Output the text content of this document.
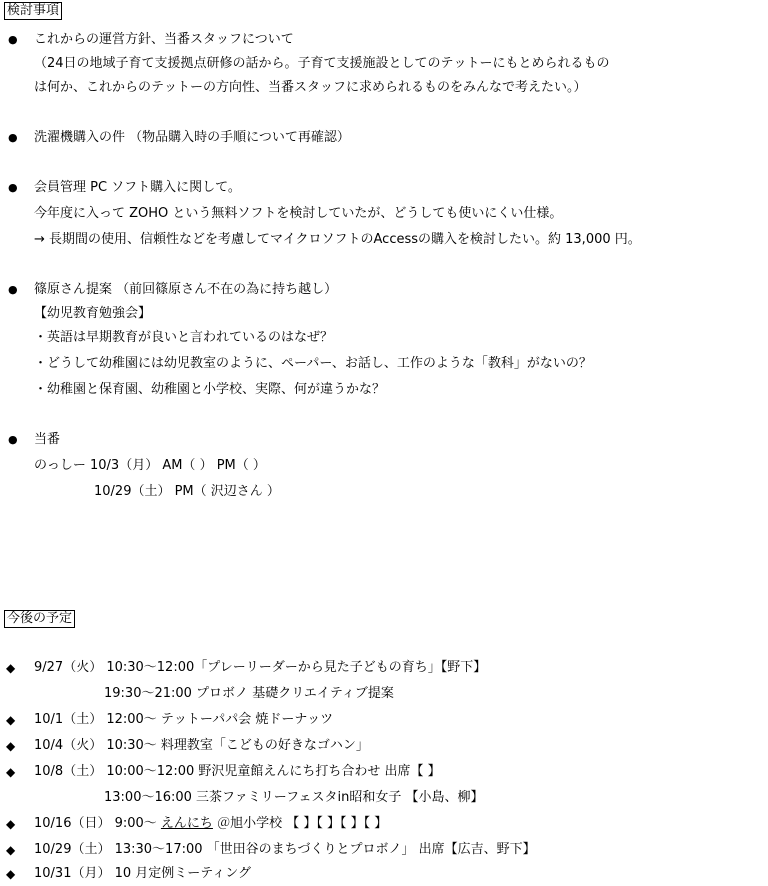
検討事項
● これからの運営方針、当番スタッフについて
（24日の地域子育て支援拠点研修の話から。子育て支援施設としてのテットーにもとめられるもの
は何か、これからのテットーの方向性、当番スタッフに求められるものをみんなで考えたい。）
● 洗濯機購入の件 （物品購入時の手順について再確認）
● 会員管理 PC ソフト購入に関して。
今年度に入って ZOHO という無料ソフトを検討していたが、どうしても使いにくい仕様。
→ 長期間の使用、信頼性などを考慮してマイクロソフトのAccessの購入を検討したい。約 13,000 円。
● 篠原さん提案 （前回篠原さん不在の為に持ち越し）
【幼児教育勉強会】
・英語は早期教育が良いと言われているのはなぜ？
・どうして幼稚園には幼児教室のように、ペーパー、お話し、工作のような「教科」がないの？
・幼稚園と保育園、幼稚園と小学校、実際、何が違うかな？
● 当番
のっしー 10/3（月） AM（ ） PM（ ）
10/29（土） PM（ 沢辺さん ）
今後の予定
◆ 9/27（火） 10:30～12:00「プレーリーダーから見た子どもの育ち」【野下】
19:30～21:00 プロボノ 基礎クリエイティブ提案
◆ 10/1（土） 12:00～ テットーパパ会 焼ドーナッツ
◆ 10/4（火） 10:30～ 料理教室「こどもの好きなゴハン」
◆ 10/8（土） 10:00～12:00 野沢児童館えんにち打ち合わせ 出席【 】
13:00～16:00 三茶ファミリーフェスタin昭和女子 【小島、柳】
◆ 10/16（日） 9:00～ えんにち ＠旭小学校 【 】【 】【 】【 】
◆ 10/29（土） 13:30～17:00 「世田谷のまちづくりとプロボノ」 出席【広吉、野下】
◆ 10/31（月） 10 月定例ミーティング
